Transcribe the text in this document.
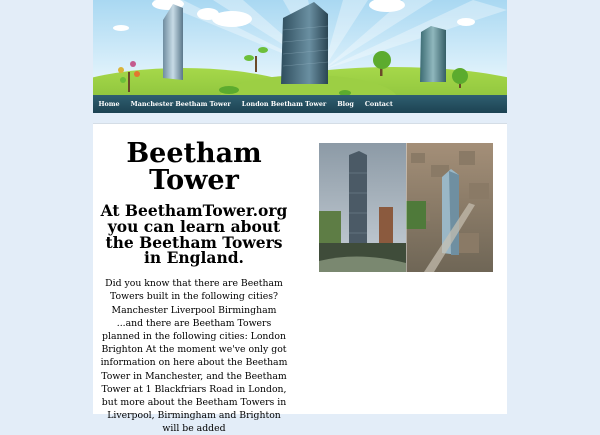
Home	Manchester Beetham Tower	London Beetham Tower	Blog	Contact
Beetham Tower
At BeethamTower.org you can learn about the Beetham Towers in England.

Did you know that there are Beetham Towers built in the following cities? Manchester Liverpool Birmingham ...and there are Beetham Towers planned in the following cities: London Brighton At the moment we've only got information on here about the Beetham Tower in Manchester, and the Beetham Tower at 1 Blackfriars Road in London, but more about the Beetham Towers in Liverpool, Birmingham and Brighton will be added
